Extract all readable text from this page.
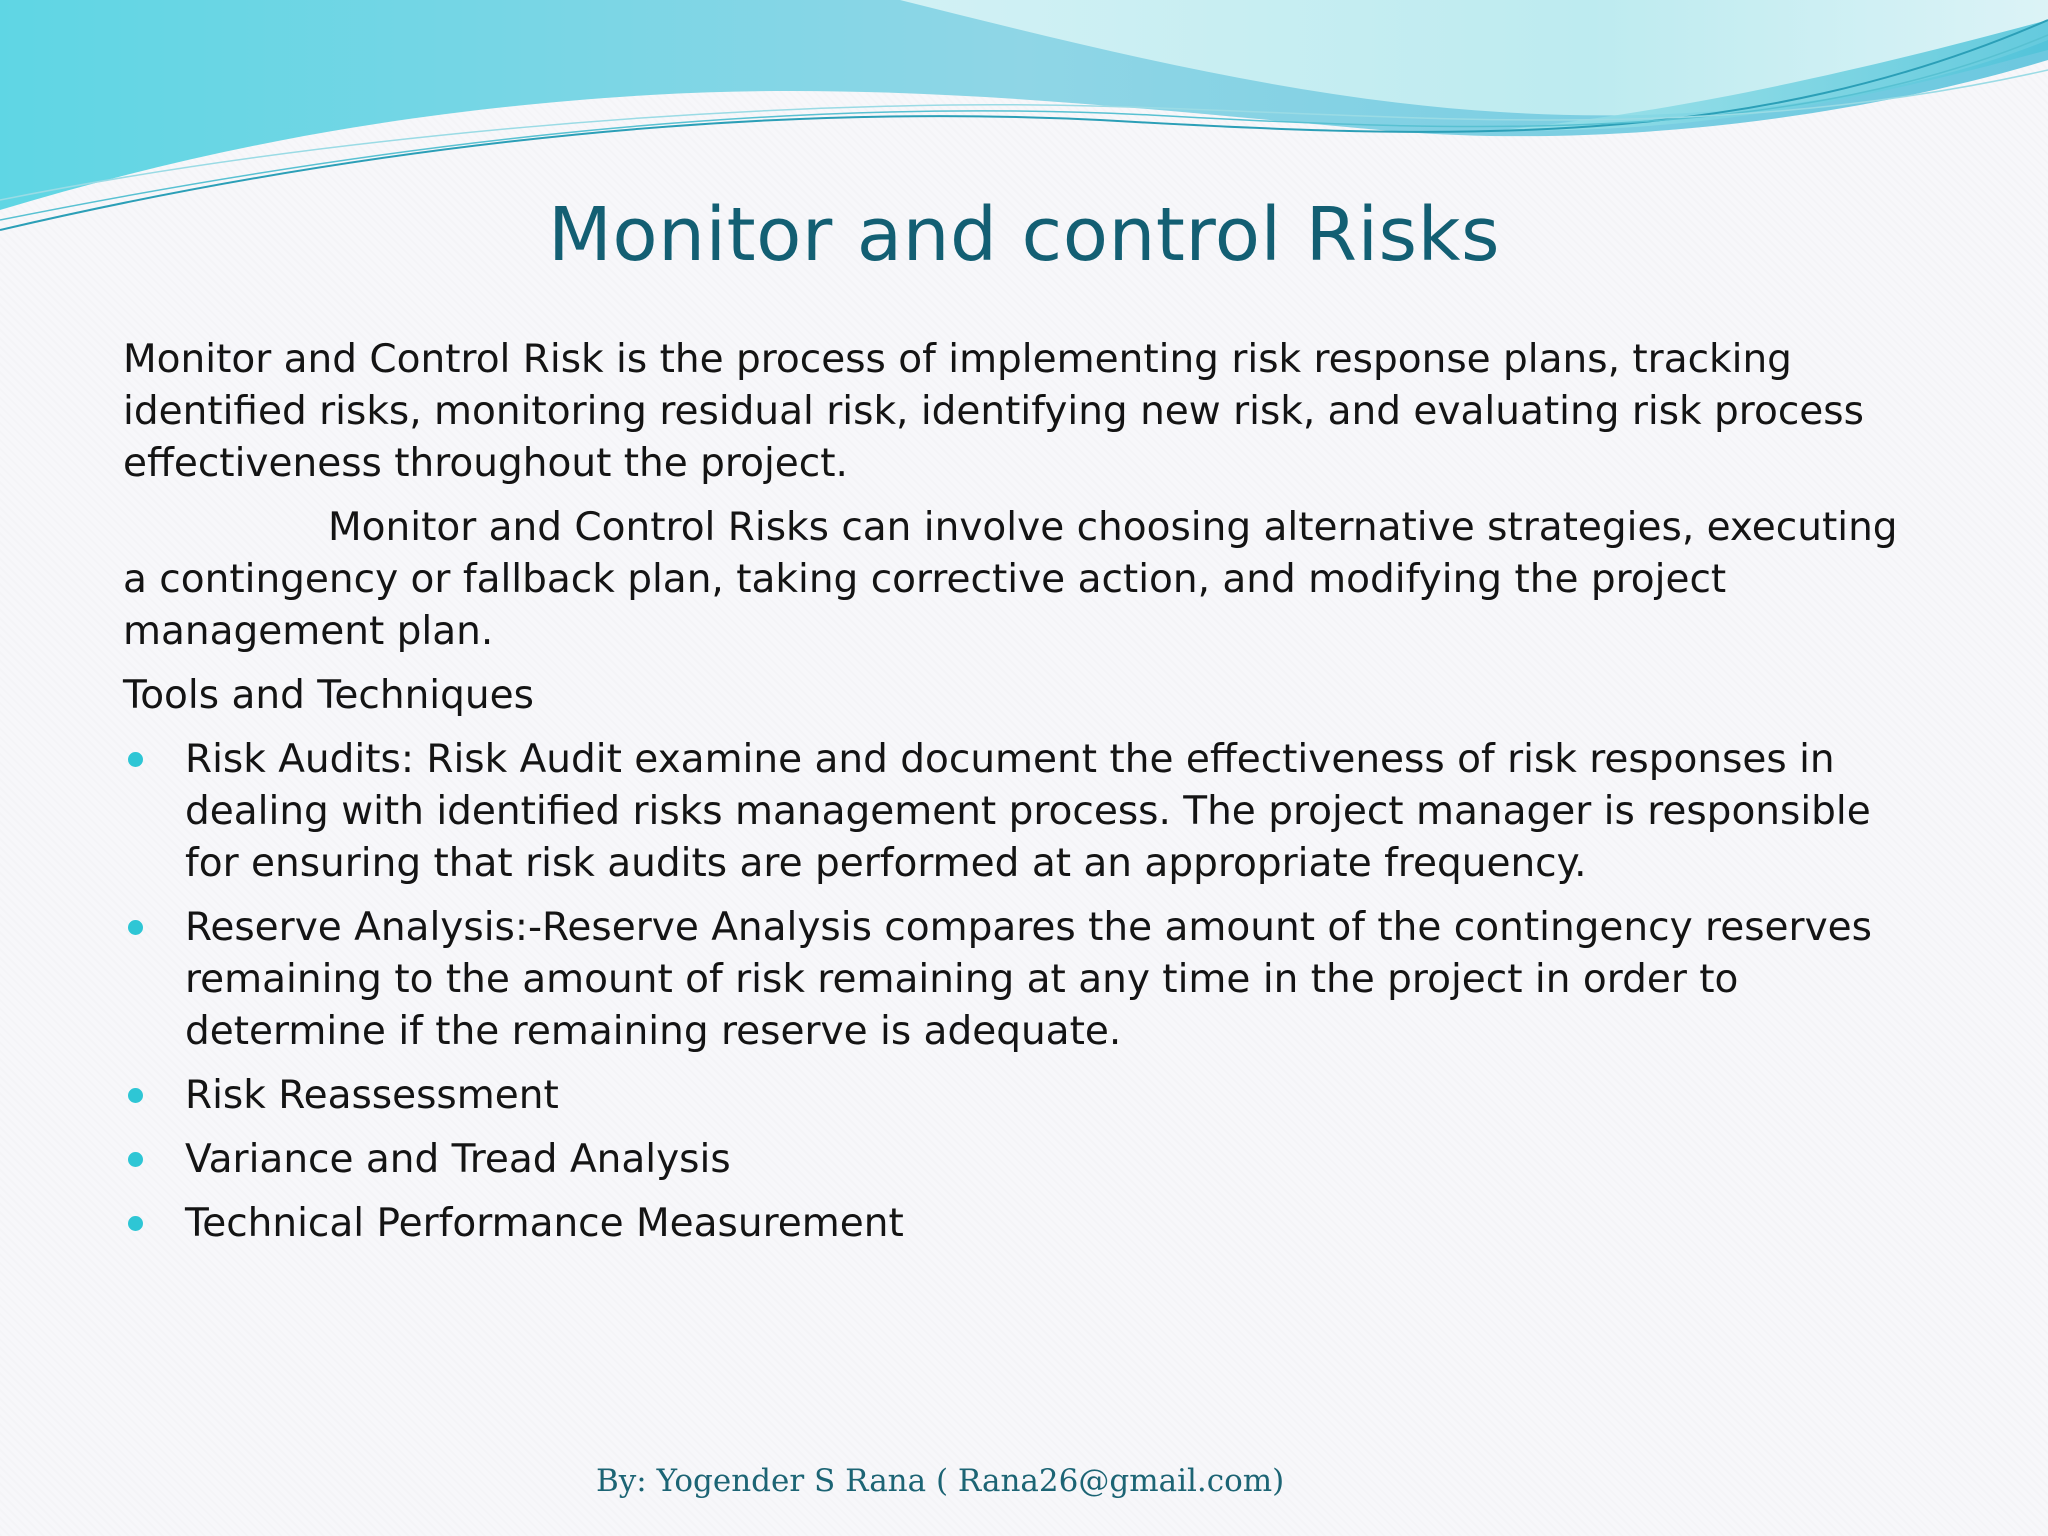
Monitor and control Risks

Monitor and Control Risk is the process of implementing risk response plans, tracking identified risks, monitoring residual risk, identifying new risk, and evaluating risk process effectiveness throughout the project.

Monitor and Control Risks can involve choosing alternative strategies, executing a contingency or fallback plan, taking corrective action, and modifying the project management plan.

Tools and Techniques

Risk Audits: Risk Audit examine and document the effectiveness of risk responses in dealing with identified risks management process. The project manager is responsible for ensuring that risk audits are performed at an appropriate frequency.
Reserve Analysis:-Reserve Analysis compares the amount of the contingency reserves remaining to the amount of risk remaining at any time in the project in order to determine if the remaining reserve is adequate.
Risk Reassessment
Variance and Tread Analysis
Technical Performance Measurement
By: Yogender S Rana ( Rana26@gmail.com)
